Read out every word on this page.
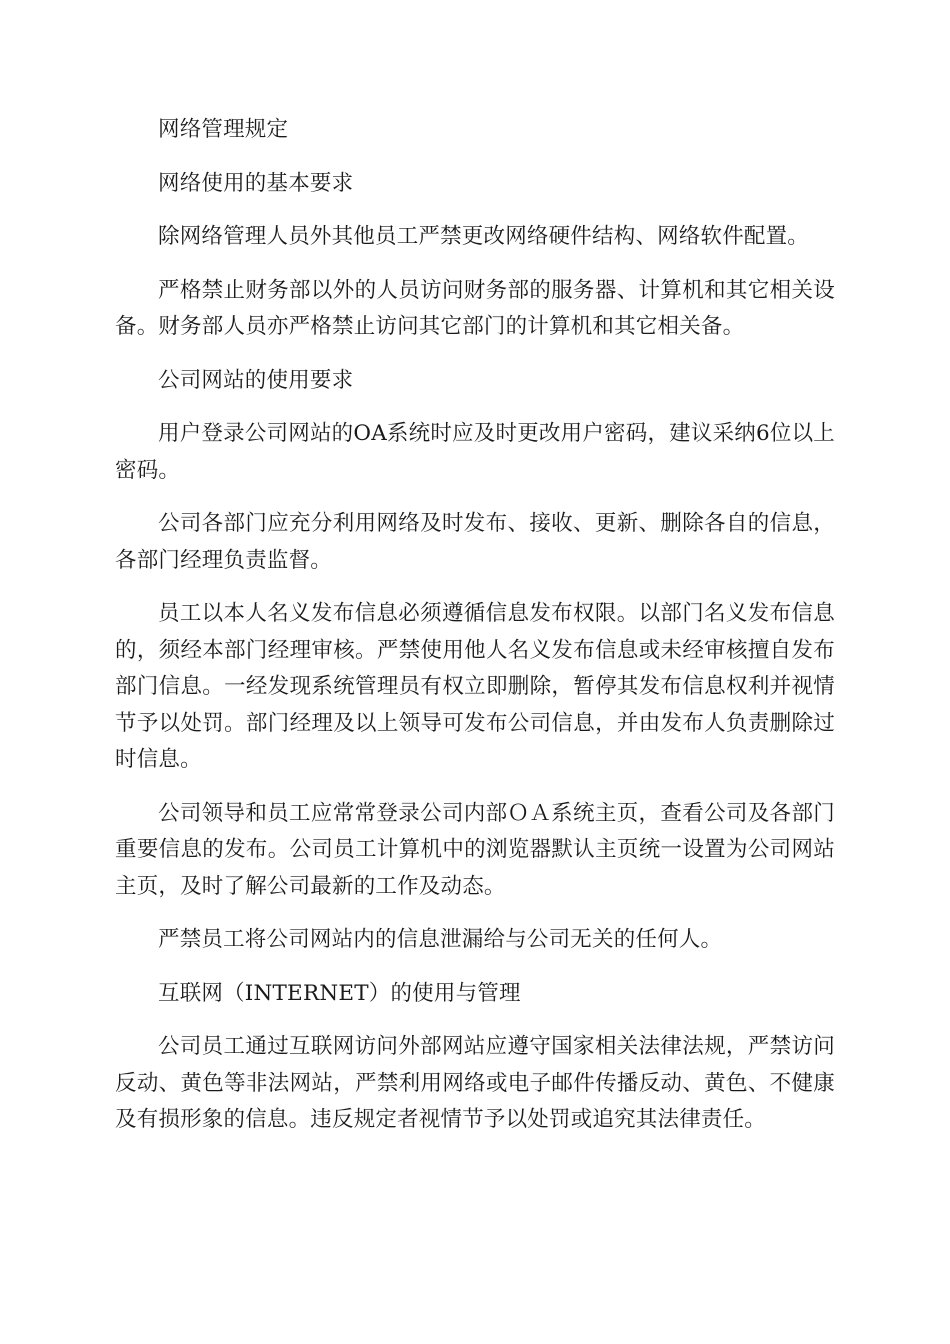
网络管理规定

网络使用的基本要求

除网络管理人员外其他员工严禁更改网络硬件结构、网络软件配置。

严格禁止财务部以外的人员访问财务部的服务器、计算机和其它相关设备。财务部人员亦严格禁止访问其它部门的计算机和其它相关备。

公司网站的使用要求

用户登录公司网站的OA系统时应及时更改用户密码，建议采纳6位以上密码。

公司各部门应充分利用网络及时发布、接收、更新、删除各自的信息，各部门经理负责监督。

员工以本人名义发布信息必须遵循信息发布权限。以部门名义发布信息的，须经本部门经理审核。严禁使用他人名义发布信息或未经审核擅自发布部门信息。一经发现系统管理员有权立即删除，暂停其发布信息权利并视情节予以处罚。部门经理及以上领导可发布公司信息，并由发布人负责删除过时信息。

公司领导和员工应常常登录公司内部ＯＡ系统主页，查看公司及各部门重要信息的发布。公司员工计算机中的浏览器默认主页统一设置为公司网站主页，及时了解公司最新的工作及动态。

严禁员工将公司网站内的信息泄漏给与公司无关的任何人。

互联网（INTERNET）的使用与管理

公司员工通过互联网访问外部网站应遵守国家相关法律法规，严禁访问反动、黄色等非法网站，严禁利用网络或电子邮件传播反动、黄色、不健康及有损形象的信息。违反规定者视情节予以处罚或追究其法律责任。
